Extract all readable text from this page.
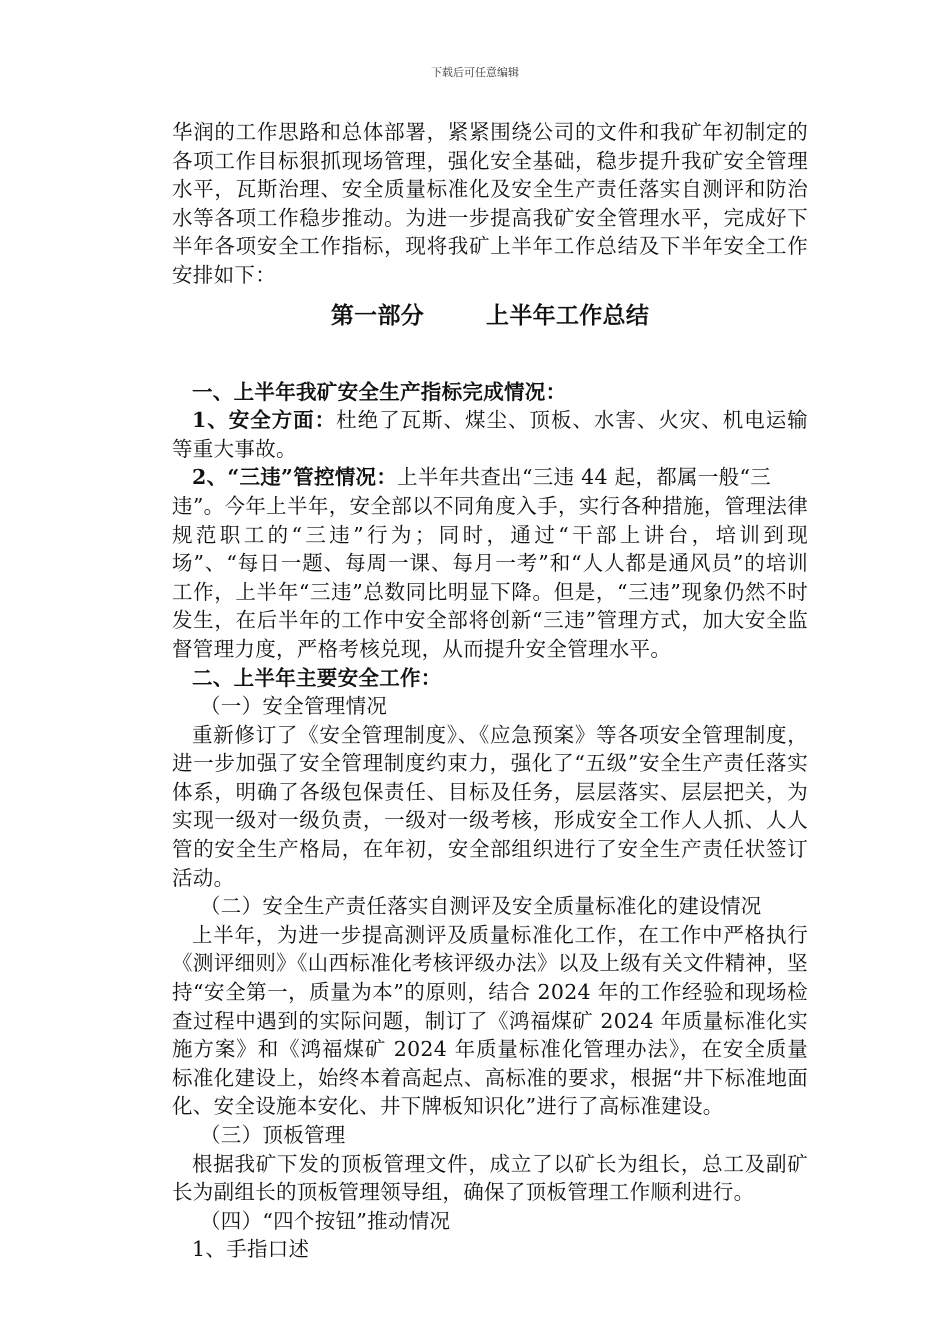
下载后可任意编辑

华润的工作思路和总体部署，紧紧围绕公司的文件和我矿年初制定的各项工作目标狠抓现场管理，强化安全基础，稳步提升我矿安全管理水平，瓦斯治理、安全质量标准化及安全生产责任落实自测评和防治水等各项工作稳步推动。为进一步提高我矿安全管理水平，完成好下半年各项安全工作指标，现将我矿上半年工作总结及下半年安全工作安排如下：

第一部分	上半年工作总结

一、上半年我矿安全生产指标完成情况：

1、安全方面：杜绝了瓦斯、煤尘、顶板、水害、火灾、机电运输等重大事故。

2、“三违”管控情况：上半年共查出“三违 44 起，都属一般“三

违”。今年上半年，安全部以不同角度入手，实行各种措施，管理法律规范职工的“三违”行为；同时，通过“干部上讲台，培训到现场”、“每日一题、每周一课、每月一考”和“人人都是通风员”的培训工作，上半年“三违”总数同比明显下降。但是，“三违”现象仍然不时发生，在后半年的工作中安全部将创新“三违”管理方式，加大安全监督管理力度，严格考核兑现，从而提升安全管理水平。

二、上半年主要安全工作：

（一）安全管理情况

重新修订了《安全管理制度》、《应急预案》等各项安全管理制度，进一步加强了安全管理制度约束力，强化了“五级”安全生产责任落实体系，明确了各级包保责任、目标及任务，层层落实、层层把关，为实现一级对一级负责，一级对一级考核，形成安全工作人人抓、人人管的安全生产格局，在年初，安全部组织进行了安全生产责任状签订活动。

（二）安全生产责任落实自测评及安全质量标准化的建设情况

上半年，为进一步提高测评及质量标准化工作，在工作中严格执行《测评细则》《山西标准化考核评级办法》以及上级有关文件精神，坚持“安全第一，质量为本”的原则，结合 2024 年的工作经验和现场检查过程中遇到的实际问题，制订了《鸿福煤矿 2024 年质量标准化实施方案》和《鸿福煤矿 2024 年质量标准化管理办法》，在安全质量标准化建设上，始终本着高起点、高标准的要求，根据“井下标准地面化、安全设施本安化、井下牌板知识化”进行了高标准建设。

（三）顶板管理

根据我矿下发的顶板管理文件，成立了以矿长为组长，总工及副矿长为副组长的顶板管理领导组，确保了顶板管理工作顺利进行。

（四）“四个按钮”推动情况

1、手指口述
